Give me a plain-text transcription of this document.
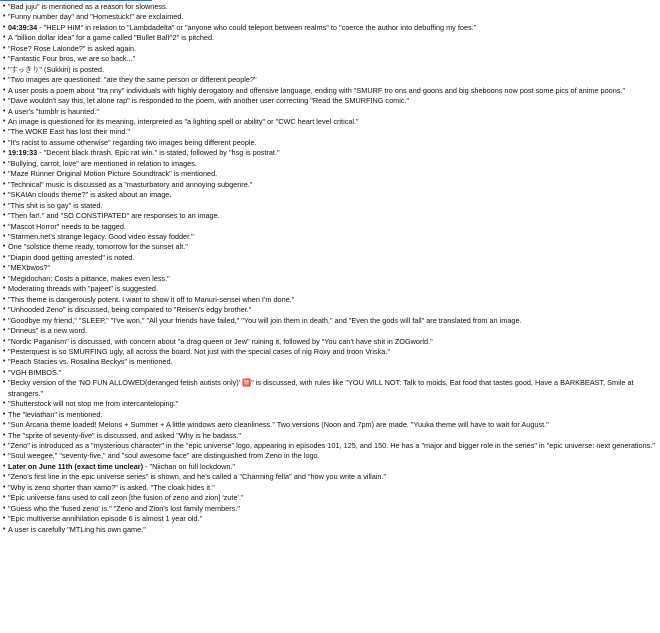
• "Bad juju" is mentioned as a reason for slowness.
• "Funny number day" and "Homestuck!" are exclaimed.
• 04:39:34 - "HELP HIM" in relation to "Lambdadelta" or "anyone who could teleport between realms" to "coerce the author into debuffing my foes."
• A "billion dollar idea" for a game called "Bullet Ball^2" is pitched.
• "Rose? Rose Lalonde?" is asked again.
• "Fantastic Four bros, we are so back..."
• "すっきり" (Sukkiri) is posted.
• "Two images are questioned: "are they the same person or different people?"
• A user posts a poem about "tra nny" individuals with highly derogatory and offensive language, ending with "SMURF tro ons and goons and big sheboons now post some pics of anime poons."
• "Dave wouldn't say this, let alone rap" is responded to the poem, with another user correcting "Read the SMURFING comic."
• A user's "tumblr is haunted."
• An image is questioned for its meaning, interpreted as "a lighting spell or ability" or "CWC heart level critical."
• "The WOKE East has lost their mind."
• "It's racist to assume otherwise" regarding two images being different people.
• 19:19:33 - "Decent black thrash. Epic rat win." is stated, followed by "hsg is postrat."
• "Bullying, carrot, love" are mentioned in relation to images.
• "Maze Runner Original Motion Picture Soundtrack" is mentioned.
• "Technical" music is discussed as a "masturbatory and annoying subgenre."
• "SKAIAn clouds theme?" is asked about an image.
• "This shit is so gay" is stated.
• "Then far!." and "SO CONSTIPATED" are responses to an image.
• "Mascot Horror" needs to be tagged.
• "Starmen.net's strange legacy. Good video essay fodder."
• One "solstice theme ready, tomorrow for the sunset alt."
• "Diapin dood getting arrested" is noted.
• "MEXbwos?"
• "Megidochan: Costs a pittance, makes even less."
• Moderating threads with "pajeet" is suggested.
• "This theme is dangerously potent. I want to show it off to Manuri-sensei when I'm done."
• "Unhooded Zeno" is discussed, being compared to "Reisen's edgy brother."
• "Goodbye my friend," "SLEEP," "I've won," "All your friends have failed," "You will join them in death," and "Even the gods will fall" are translated from an image.
• "Drineus" is a new word.
• "Nordic Paganism" is discussed, with concern about "a drag queen or Jew" ruining it, followed by "You can't have shit in ZOGworld."
• "Pesterquest is so SMURFING ugly, all across the board. Not just with the special cases of nig Roxy and troon Vriska."
• "Peach Stacies vs. Rosalina Beckys" is mentioned.
• "VGH BIMBOS."
• "Becky version of the 'NO FUN ALLOWED(deranged fetish autists only)' 🈲" is discussed, with rules like "YOU WILL NOT: Talk to moids, Eat food that tastes good, Have a BARKBEAST, Smile at strangers."
• "Shutterstock will not stop me from intercanteloping."
• The "leviathan" is mentioned.
• "Sun Arcana theme loaded! Melons + Summer + A little windows aero cleanliness." Two versions (Noon and 7pm) are made. "Yuuka theme will have to wait for August."
• The "sprite of seventy-five" is discussed, and asked "Why is he badass."
• "Zeno" is introduced as a "mysterious character" in the "epic universe" logo, appearing in episodes 101, 125, and 150. He has a "major and bigger role in the series" in "epic universe: next generations."
• "Soul weegee," "seventy-five," and "soul awesome face" are distinguished from Zeno in the logo.
• Later on June 11th (exact time unclear) - "Niichan on full lockdown."
• "Zeno's first line in the epic universe series" is shown, and he's called a "Charming fella" and "how you write a villain."
• "Why is zeno shorter than xamo?" is asked. "The cloak hides it."
• "Epic universe fans used to call zeon [the fusion of zeno and zion] 'zute'."
• "Guess who the 'fused zeno' is." "Zeno and Zion's lost family members."
• "Epic multiverse annihilation episode 6 is almost 1 year old."
• A user is carefully "MTLing his own game."
